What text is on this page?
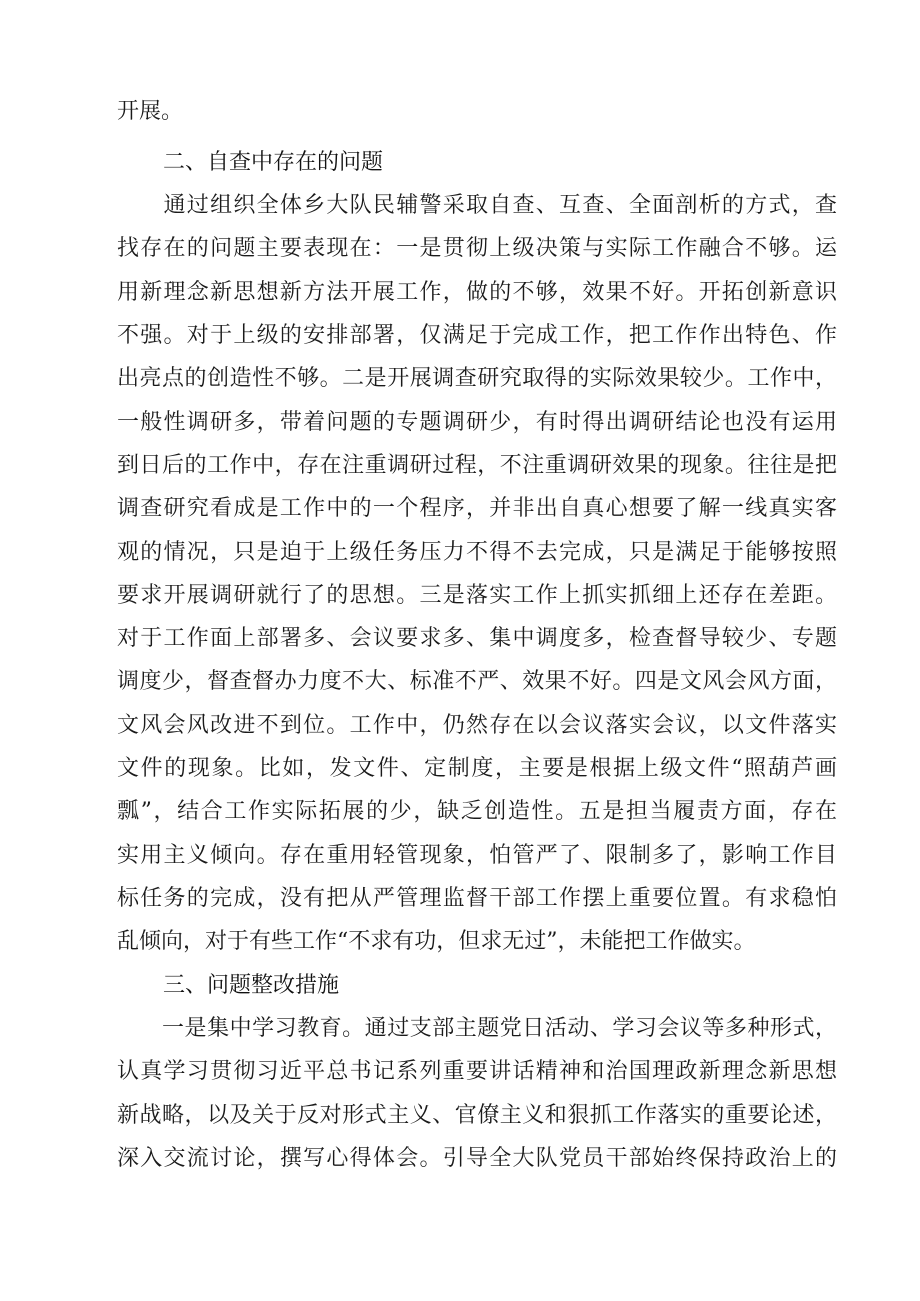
开展。
二、自查中存在的问题
　　通过组织全体乡大队民辅警采取自查、互查、全面剖析的方式，查
找存在的问题主要表现在：一是贯彻上级决策与实际工作融合不够。运
用新理念新思想新方法开展工作，做的不够，效果不好。开拓创新意识
不强。对于上级的安排部署，仅满足于完成工作，把工作作出特色、作
出亮点的创造性不够。二是开展调查研究取得的实际效果较少。工作中，
一般性调研多，带着问题的专题调研少，有时得出调研结论也没有运用
到日后的工作中，存在注重调研过程，不注重调研效果的现象。往往是把
调查研究看成是工作中的一个程序，并非出自真心想要了解一线真实客
观的情况，只是迫于上级任务压力不得不去完成，只是满足于能够按照
要求开展调研就行了的思想。三是落实工作上抓实抓细上还存在差距。
对于工作面上部署多、会议要求多、集中调度多，检查督导较少、专题
调度少，督查督办力度不大、标准不严、效果不好。四是文风会风方面，
文风会风改进不到位。工作中，仍然存在以会议落实会议，以文件落实
文件的现象。比如，发文件、定制度，主要是根据上级文件“照葫芦画
瓢”，结合工作实际拓展的少，缺乏创造性。五是担当履责方面，存在
实用主义倾向。存在重用轻管现象，怕管严了、限制多了，影响工作目
标任务的完成，没有把从严管理监督干部工作摆上重要位置。有求稳怕
乱倾向，对于有些工作“不求有功，但求无过”，未能把工作做实。
三、问题整改措施
　　一是集中学习教育。通过支部主题党日活动、学习会议等多种形式，
认真学习贯彻习近平总书记系列重要讲话精神和治国理政新理念新思想
新战略，以及关于反对形式主义、官僚主义和狠抓工作落实的重要论述，
深入交流讨论，撰写心得体会。引导全大队党员干部始终保持政治上的
